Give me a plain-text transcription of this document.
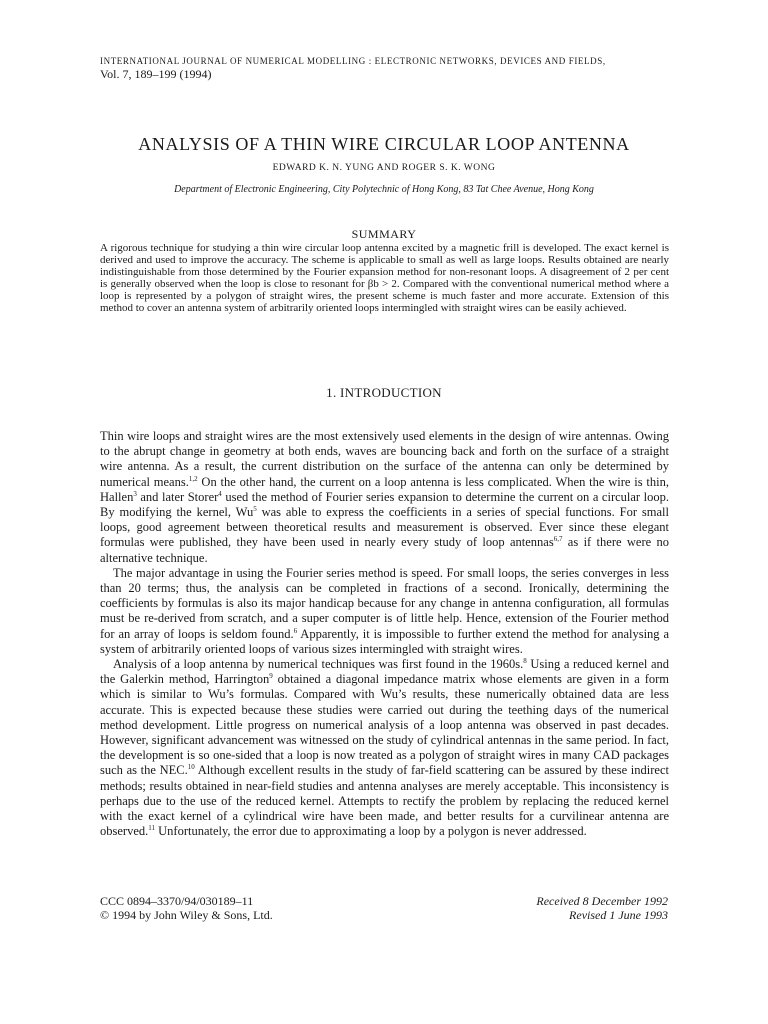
INTERNATIONAL JOURNAL OF NUMERICAL MODELLING : ELECTRONIC NETWORKS, DEVICES AND FIELDS,
Vol. 7, 189–199 (1994)
ANALYSIS OF A THIN WIRE CIRCULAR LOOP ANTENNA
EDWARD K. N. YUNG AND ROGER S. K. WONG
Department of Electronic Engineering, City Polytechnic of Hong Kong, 83 Tat Chee Avenue, Hong Kong
SUMMARY

A rigorous technique for studying a thin wire circular loop antenna excited by a magnetic frill is developed. The exact kernel is derived and used to improve the accuracy. The scheme is applicable to small as well as large loops. Results obtained are nearly indistinguishable from those determined by the Fourier expansion method for non-resonant loops. A disagreement of 2 per cent is generally observed when the loop is close to resonant for βb > 2. Compared with the conventional numerical method where a loop is represented by a polygon of straight wires, the present scheme is much faster and more accurate. Extension of this method to cover an antenna system of arbitrarily oriented loops intermingled with straight wires can be easily achieved.

1. INTRODUCTION

Thin wire loops and straight wires are the most extensively used elements in the design of wire antennas. Owing to the abrupt change in geometry at both ends, waves are bouncing back and forth on the surface of a straight wire antenna. As a result, the current distribution on the surface of the antenna can only be determined by numerical means.$^{1,2}$ On the other hand, the current on a loop antenna is less complicated. When the wire is thin, Hallen$^3$ and later Storer$^4$ used the method of Fourier series expansion to determine the current on a circular loop. By modifying the kernel, Wu$^5$ was able to express the coefficients in a series of special functions. For small loops, good agreement between theoretical results and measurement is observed. Ever since these elegant formulas were published, they have been used in nearly every study of loop antennas$^{6,7}$ as if there were no alternative technique.

The major advantage in using the Fourier series method is speed. For small loops, the series converges in less than 20 terms; thus, the analysis can be completed in fractions of a second. Ironically, determining the coefficients by formulas is also its major handicap because for any change in antenna configuration, all formulas must be re-derived from scratch, and a super computer is of little help. Hence, extension of the Fourier method for an array of loops is seldom found.$^6$ Apparently, it is impossible to further extend the method for analysing a system of arbitrarily oriented loops of various sizes intermingled with straight wires.

Analysis of a loop antenna by numerical techniques was first found in the 1960s.$^8$ Using a reduced kernel and the Galerkin method, Harrington$^9$ obtained a diagonal impedance matrix whose elements are given in a form which is similar to Wu’s formulas. Compared with Wu’s results, these numerically obtained data are less accurate. This is expected because these studies were carried out during the teething days of the numerical method development. Little progress on numerical analysis of a loop antenna was observed in past decades. However, significant advancement was witnessed on the study of cylindrical antennas in the same period. In fact, the development is so one-sided that a loop is now treated as a polygon of straight wires in many CAD packages such as the NEC.$^{10}$ Although excellent results in the study of far-field scattering can be assured by these indirect methods; results obtained in near-field studies and antenna analyses are merely acceptable. This inconsistency is perhaps due to the use of the reduced kernel. Attempts to rectify the problem by replacing the reduced kernel with the exact kernel of a cylindrical wire have been made, and better results for a curvilinear antenna are observed.$^{11}$ Unfortunately, the error due to approximating a loop by a polygon is never addressed.

CCC 0894–3370/94/030189–11
© 1994 by John Wiley & Sons, Ltd.
Received 8 December 1992
Revised 1 June 1993
